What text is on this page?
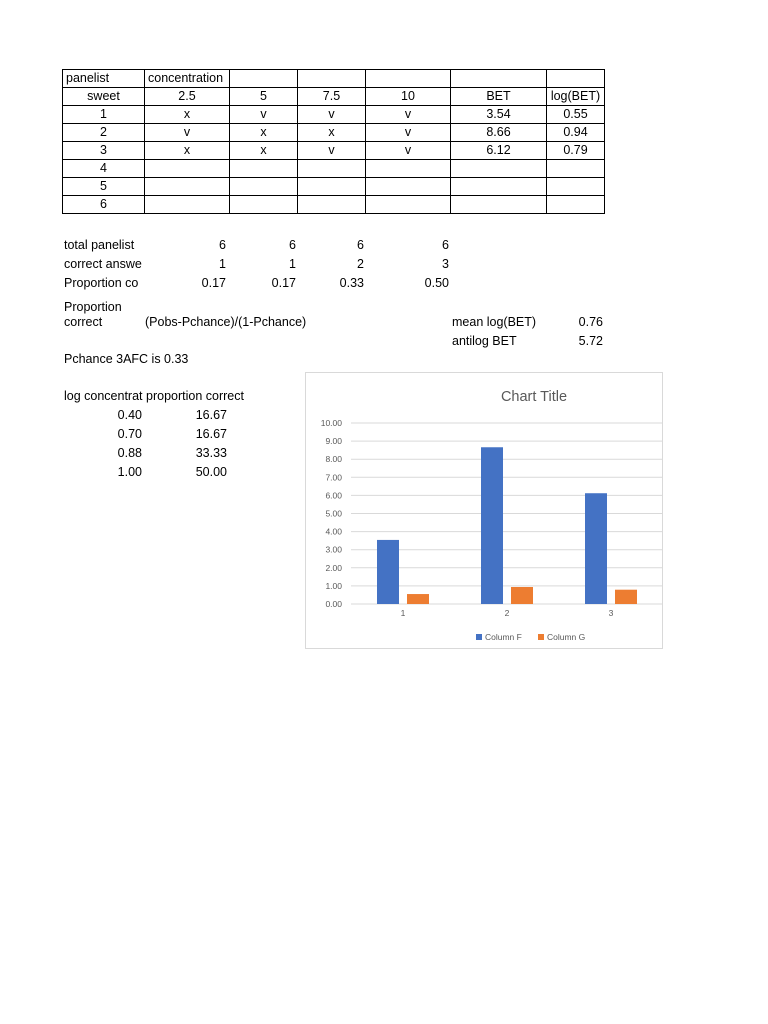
panelist	concentration					
sweet	2.5	5	7.5	10	BET	log(BET)
1	x	v	v	v	3.54	0.55
2	v	x	x	v	8.66	0.94
3	x	x	v	v	6.12	0.79
4						
5						
6						
total panelist	6	6	6	6
correct answe	1	1	2	3
Proportion co	0.17	0.17	0.33	0.50
Proportion
correct	(Pobs-Pchance)/(1-Pchance)	mean log(BET)	0.76
antilog BET	5.72
Pchance 3AFC is 0.33
log concentrat proportion correct
0.40	16.67
0.70	16.67
0.88	33.33
1.00	50.00
Chart Title
0.00
1.00
2.00
3.00
4.00
5.00
6.00
7.00
8.00
9.00
10.00
1	2	3
Column F	Column G
